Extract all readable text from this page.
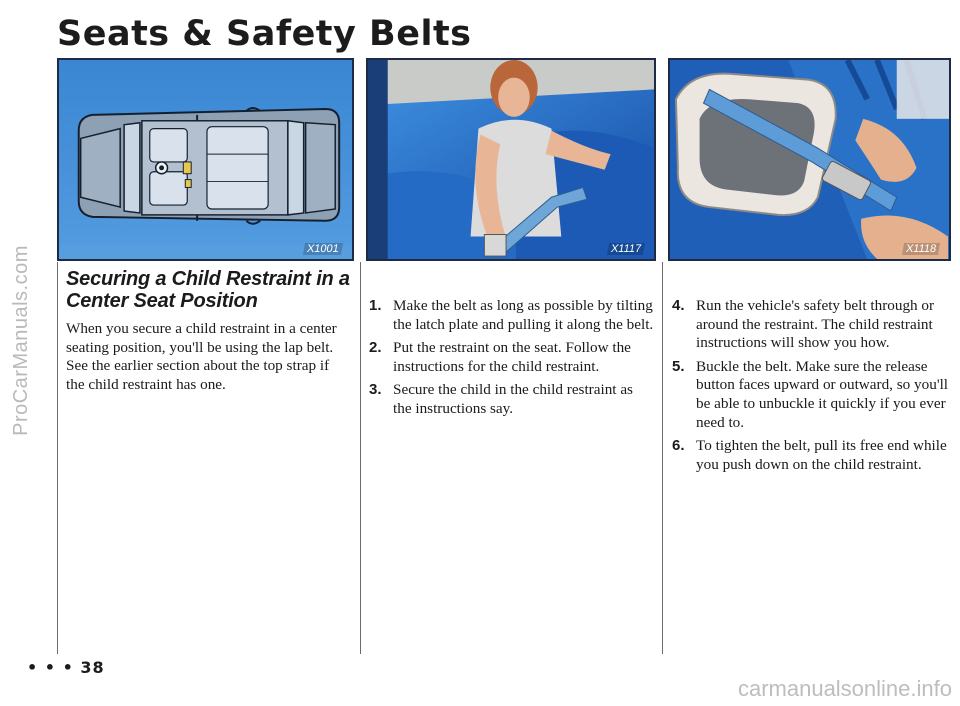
ProCarManuals.com
Seats & Safety Belts
X1001	X1117	X1118
Securing a Child Restraint in a
Center Seat Position

When you secure a child restraint in a center seating position, you'll be using the lap belt. See the earlier section about the top strap if the child restraint has one.

1. Make the belt as long as possible by tilting the latch plate and pulling it along the belt.
2. Put the restraint on the seat. Follow the instructions for the child restraint.
3. Secure the child in the child restraint as the instructions say.
4. Run the vehicle's safety belt through or around the restraint. The child restraint instructions will show you how.
5. Buckle the belt. Make sure the release button faces upward or outward, so you'll be able to unbuckle it quickly if you ever need to.
6. To tighten the belt, pull its free end while you push down on the child restraint.
• • • 38
carmanualsonline.info
